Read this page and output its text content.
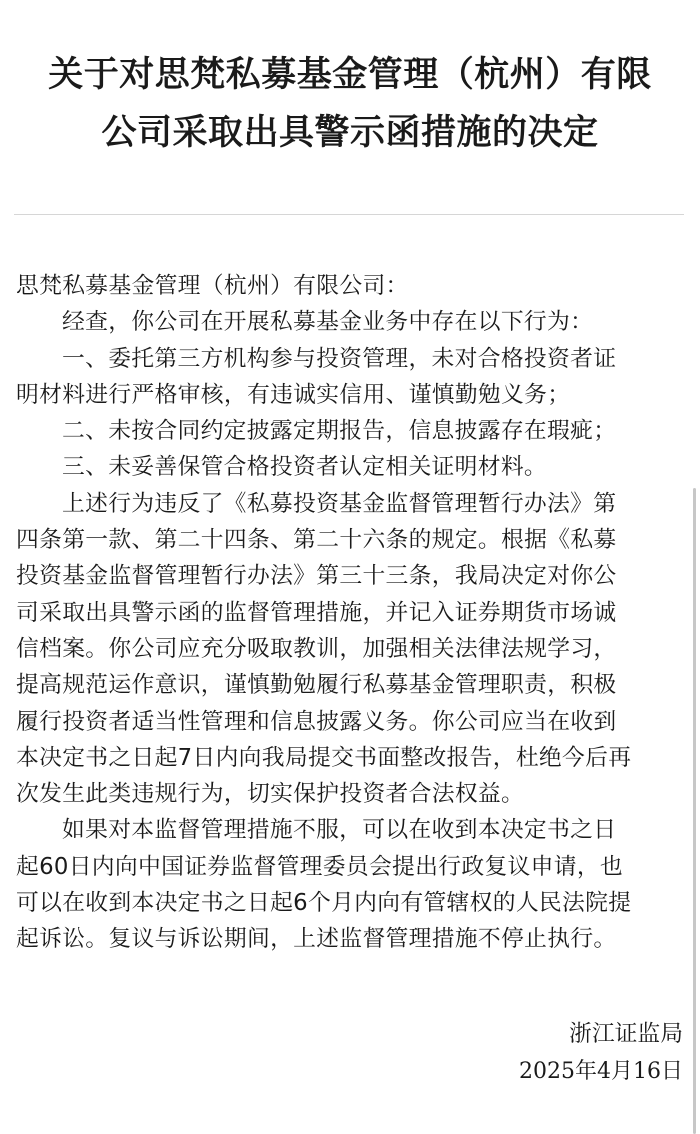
关于对思梵私募基金管理（杭州）有限
公司采取出具警示函措施的决定
思梵私募基金管理（杭州）有限公司：
经查，你公司在开展私募基金业务中存在以下行为：
一、委托第三方机构参与投资管理，未对合格投资者证
明材料进行严格审核，有违诚实信用、谨慎勤勉义务；
二、未按合同约定披露定期报告，信息披露存在瑕疵；
三、未妥善保管合格投资者认定相关证明材料。
上述行为违反了《私募投资基金监督管理暂行办法》第
四条第一款、第二十四条、第二十六条的规定。根据《私募
投资基金监督管理暂行办法》第三十三条，我局决定对你公
司采取出具警示函的监督管理措施，并记入证券期货市场诚
信档案。你公司应充分吸取教训，加强相关法律法规学习，
提高规范运作意识，谨慎勤勉履行私募基金管理职责，积极
履行投资者适当性管理和信息披露义务。你公司应当在收到
本决定书之日起7日内向我局提交书面整改报告，杜绝今后再
次发生此类违规行为，切实保护投资者合法权益。
如果对本监督管理措施不服，可以在收到本决定书之日
起60日内向中国证券监督管理委员会提出行政复议申请，也
可以在收到本决定书之日起6个月内向有管辖权的人民法院提
起诉讼。复议与诉讼期间，上述监督管理措施不停止执行。
浙江证监局
2025年4月16日
